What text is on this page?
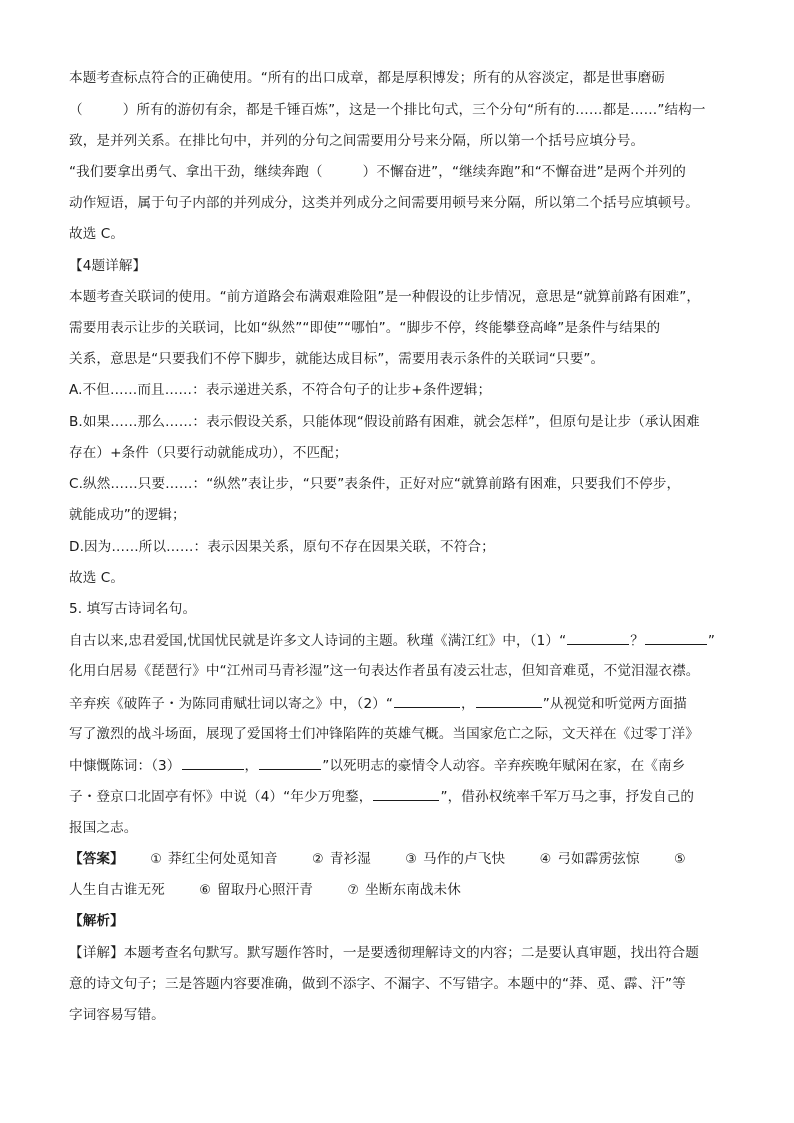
本题考查标点符合的正确使用。“所有的出口成章，都是厚积博发；所有的从容淡定，都是世事磨砺
（	）所有的游仞有余，都是千锤百炼”，这是一个排比句式，三个分句“所有的……都是……”结构一
致，是并列关系。在排比句中，并列的分句之间需要用分号来分隔，所以第一个括号应填分号。
“我们要拿出勇气、拿出干劲，继续奔跑（	）不懈奋进”，“继续奔跑”和“不懈奋进”是两个并列的
动作短语，属于句子内部的并列成分，这类并列成分之间需要用顿号来分隔，所以第二个括号应填顿号。
故选 C。
【4题详解】
本题考查关联词的使用。“前方道路会布满艰难险阻”是一种假设的让步情况，意思是“就算前路有困难”，
需要用表示让步的关联词，比如“纵然”“即使”“哪怕”。“脚步不停，终能攀登高峰”是条件与结果的
关系，意思是“只要我们不停下脚步，就能达成目标”，需要用表示条件的关联词“只要”。
A.不但……而且……：表示递进关系，不符合句子的让步+条件逻辑；
B.如果……那么……：表示假设关系，只能体现“假设前路有困难，就会怎样”，但原句是让步（承认困难
存在）+条件（只要行动就能成功），不匹配；
C.纵然……只要……：“纵然”表让步，“只要”表条件，正好对应“就算前路有困难，只要我们不停步，
就能成功”的逻辑；
D.因为……所以……：表示因果关系，原句不存在因果关联，不符合；
故选 C。
5. 填写古诗词名句。
自古以来,忠君爱国,忧国忧民就是许多文人诗词的主题。秋瑾《满江红》中，（1）“	？	”
化用白居易《琵琶行》中“江州司马青衫湿”这一句表达作者虽有凌云壮志，但知音难觅，不觉泪湿衣襟。
辛弃疾《破阵子・为陈同甫赋壮词以寄之》中，（2）“	，	”从视觉和听觉两方面描
写了激烈的战斗场面，展现了爱国将士们冲锋陷阵的英雄气概。当国家危亡之际，文天祥在《过零丁洋》
中慷慨陈词：（3）	，	”以死明志的豪情令人动容。辛弃疾晚年赋闲在家，在《南乡
子・登京口北固亭有怀》中说（4）“年少万兜鍪，	”，借孙权统率千军万马之事，抒发自己的
报国之志。
【答案】 ① 莽红尘何处觅知音	② 青衫湿	③ 马作的卢飞快	④ 弓如霹雳弦惊	⑤
人生自古谁无死	⑥ 留取丹心照汗青	⑦ 坐断东南战未休
【解析】
【详解】本题考查名句默写。默写题作答时，一是要透彻理解诗文的内容；二是要认真审题，找出符合题
意的诗文句子；三是答题内容要准确，做到不添字、不漏字、不写错字。本题中的“莽、觅、霹、汗”等
字词容易写错。
